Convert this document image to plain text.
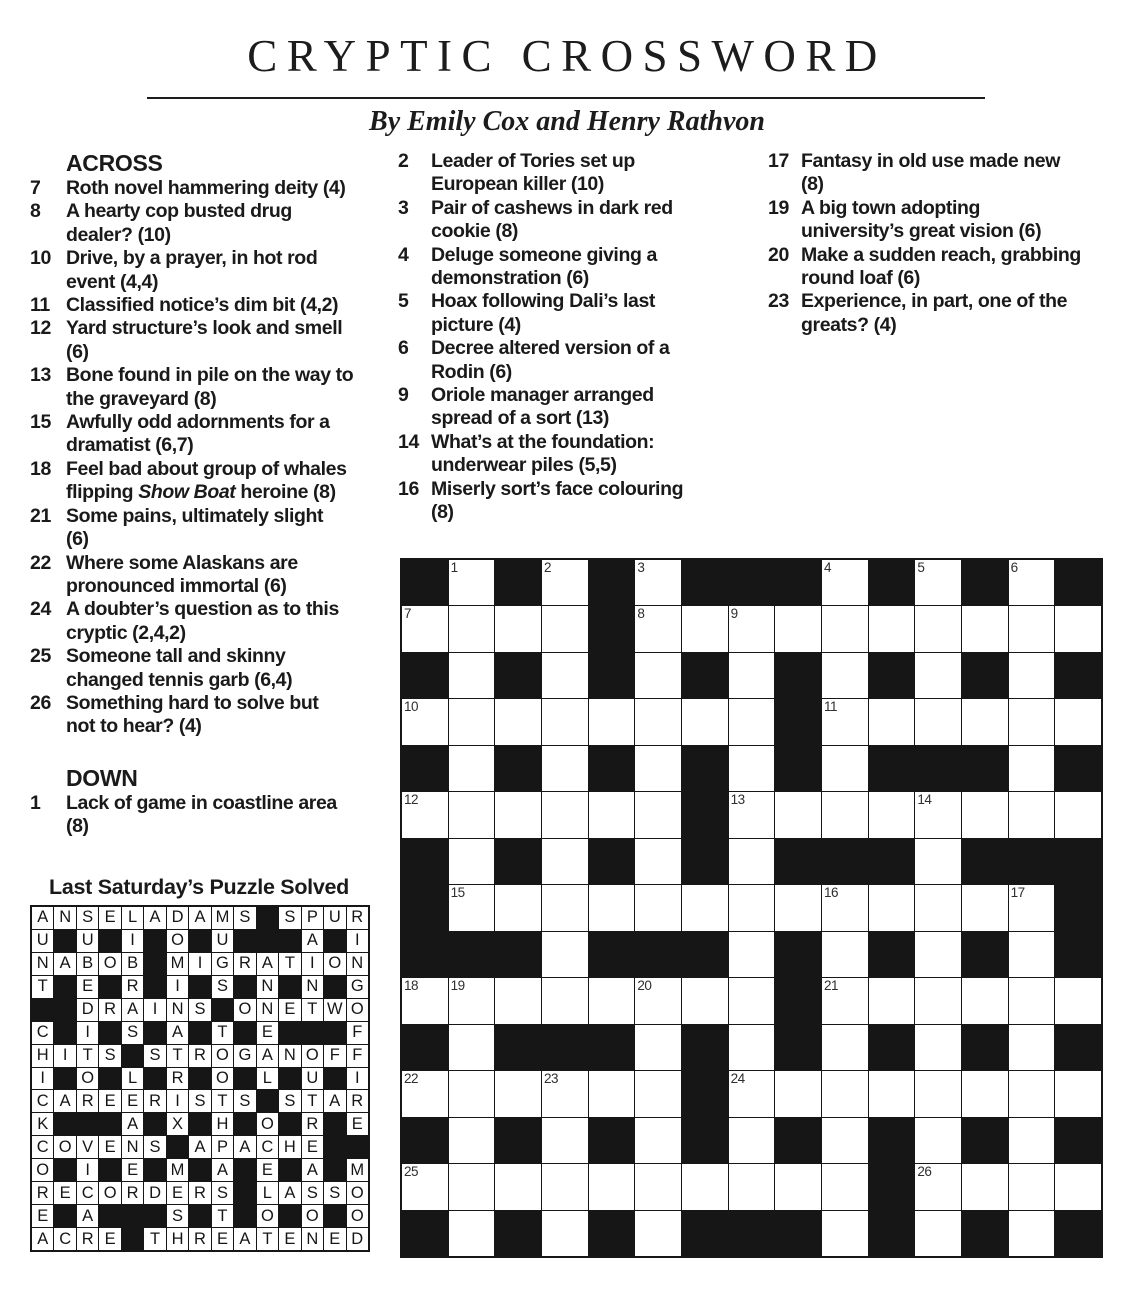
CRYPTIC CROSSWORD
By Emily Cox and Henry Rathvon
ACROSS
7	Roth novel hammering deity (4)
8	A hearty cop busted drug
dealer? (10)
10 Drive, by a prayer, in hot rod
event (4,4)
11 Classified notice’s dim bit (4,2)
12 Yard structure’s look and smell
(6)
13 Bone found in pile on the way to
the graveyard (8)
15 Awfully odd adornments for a
dramatist (6,7)
18 Feel bad about group of whales
flipping Show Boat heroine (8)
21 Some pains, ultimately slight
(6)
22 Where some Alaskans are
pronounced immortal (6)
24 A doubter’s question as to this
cryptic (2,4,2)
25 Someone tall and skinny
changed tennis garb (6,4)
26 Something hard to solve but
not to hear? (4)
DOWN
1	Lack of game in coastline area
(8)
2	Leader of Tories set up
European killer (10)
3	Pair of cashews in dark red
cookie (8)
4	Deluge someone giving a
demonstration (6)
5	Hoax following Dali’s last
picture (4)
6	Decree altered version of a
Rodin (6)
9	Oriole manager arranged
spread of a sort (13)
14 What’s at the foundation:
underwear piles (5,5)
16 Miserly sort’s face colouring
(8)
17 Fantasy in old use made new
(8)
19 A big town adopting
university’s great vision (6)
20 Make a sudden reach, grabbing
round loaf (6)
23 Experience, in part, one of the
greats? (4)
Last Saturday’s Puzzle Solved
A N S E L A D A M S	S P U R
U U	I	O U	A	I
N A B O B	M I G R A T I O N
T	E	R	I	S	N N G
D R A I N S	O N E T W O
C	I	S	A	T	E	F
H I T S	S T R O G A N O F F
I	O	L	R O	L	U	I
C A R E E R I S T S	S T A R
K	A	X	H O R	E
C O V E N S	A P A C H E
O	I	E	M	A	E	A	M
R E C O R D E R S	L A S S O
E	A	S	T	O O O
A C R E	T H R E A T E N E D
1	2	3	4	5	6
7	8	9
10	11
12	13	14
15	16	17
18 19	20	21
22	23	24
25	26
